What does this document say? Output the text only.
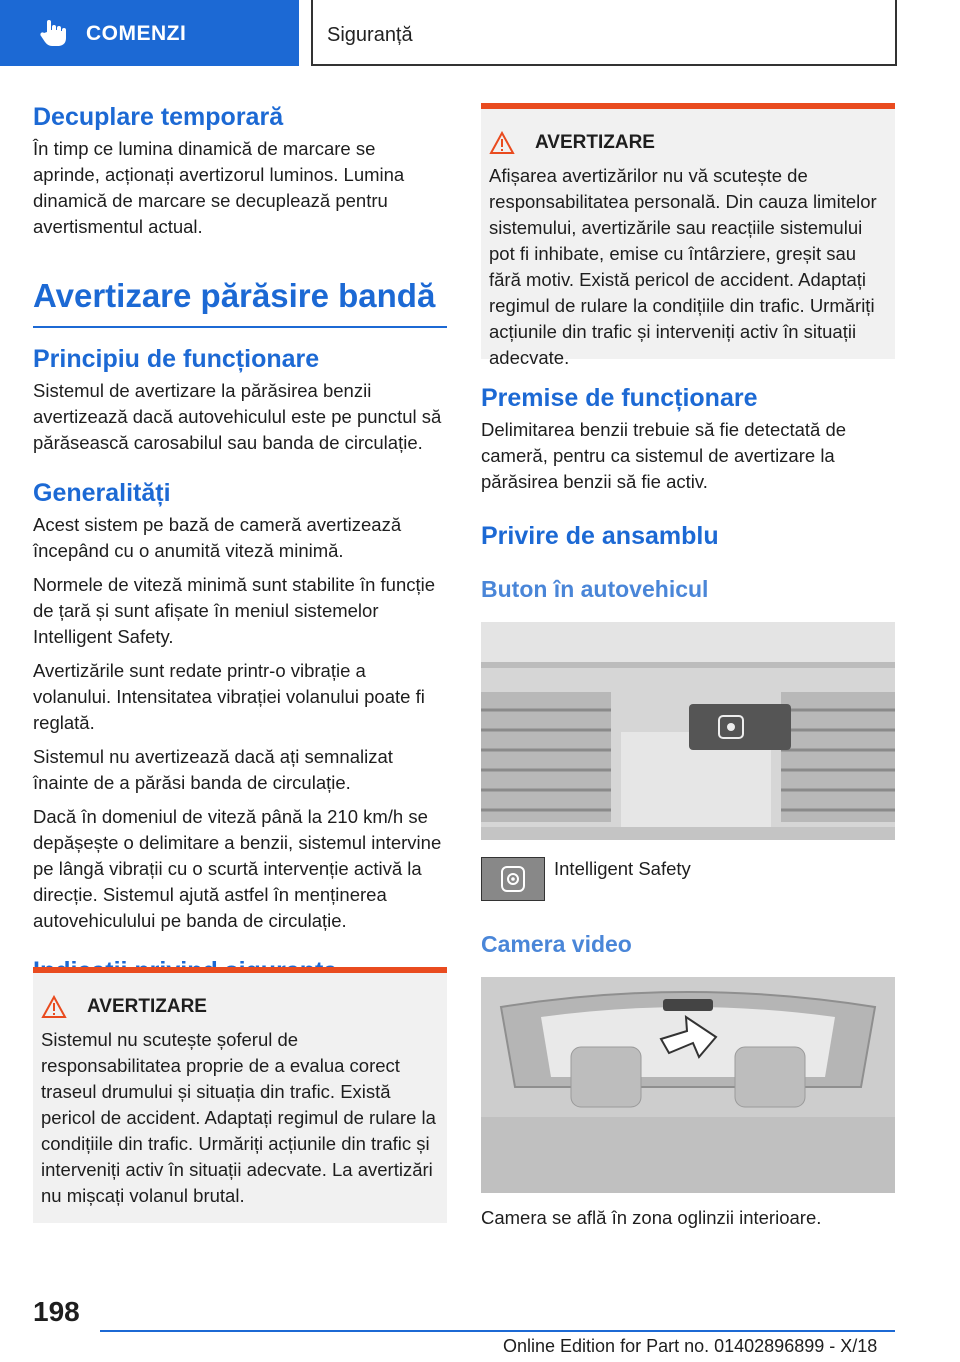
COMENZI	Siguranță
Decuplare temporară

În timp ce lumina dinamică de marcare se aprinde, acționați avertizorul luminos. Lumina dinamică de marcare se decuplează pentru avertismentul actual.

Avertizare părăsire bandă
Principiu de funcționare

Sistemul de avertizare la părăsirea benzii avertizează dacă autovehiculul este pe punctul să părăsească carosabilul sau banda de circulație.

Generalități

Acest sistem pe bază de cameră avertizează începând cu o anumită viteză minimă.

Normele de viteză minimă sunt stabilite în funcție de țară și sunt afișate în meniul sistemelor Intelligent Safety.

Avertizările sunt redate printr-o vibrație a volanului. Intensitatea vibrației volanului poate fi reglată.

Sistemul nu avertizează dacă ați semnalizat înainte de a părăsi banda de circulație.

Dacă în domeniul de viteză până la 210 km/h se depășește o delimitare a benzii, sistemul intervine pe lângă vibrații cu o scurtă intervenție activă la direcție. Sistemul ajută astfel în menținerea autovehiculului pe banda de circulație.

AVERTIZARE

Sistemul nu scutește șoferul de responsabilitatea proprie de a evalua corect traseul drumului și situația din trafic. Există pericol de accident. Adaptați regimul de rulare la condițiile din trafic. Urmăriți acțiunile din trafic și interveniți activ în situații adecvate. La avertizări nu mișcați volanul brutal.

AVERTIZARE

Afișarea avertizărilor nu vă scutește de responsabilitatea personală. Din cauza limitelor sistemului, avertizările sau reacțiile sistemului pot fi inhibate, emise cu întârziere, greșit sau fără motiv. Există pericol de accident. Adaptați regimul de rulare la condițiile din trafic. Urmăriți acțiunile din trafic și interveniți activ în situații adecvate.

Premise de funcționare

Delimitarea benzii trebuie să fie detectată de cameră, pentru ca sistemul de avertizare la părăsirea benzii să fie activ.

Privire de ansamblu
Buton în autovehicul
Intelligent Safety
Camera video

Camera se află în zona oglinzii interioare.

198
Online Edition for Part no. 01402896899 - X/18
